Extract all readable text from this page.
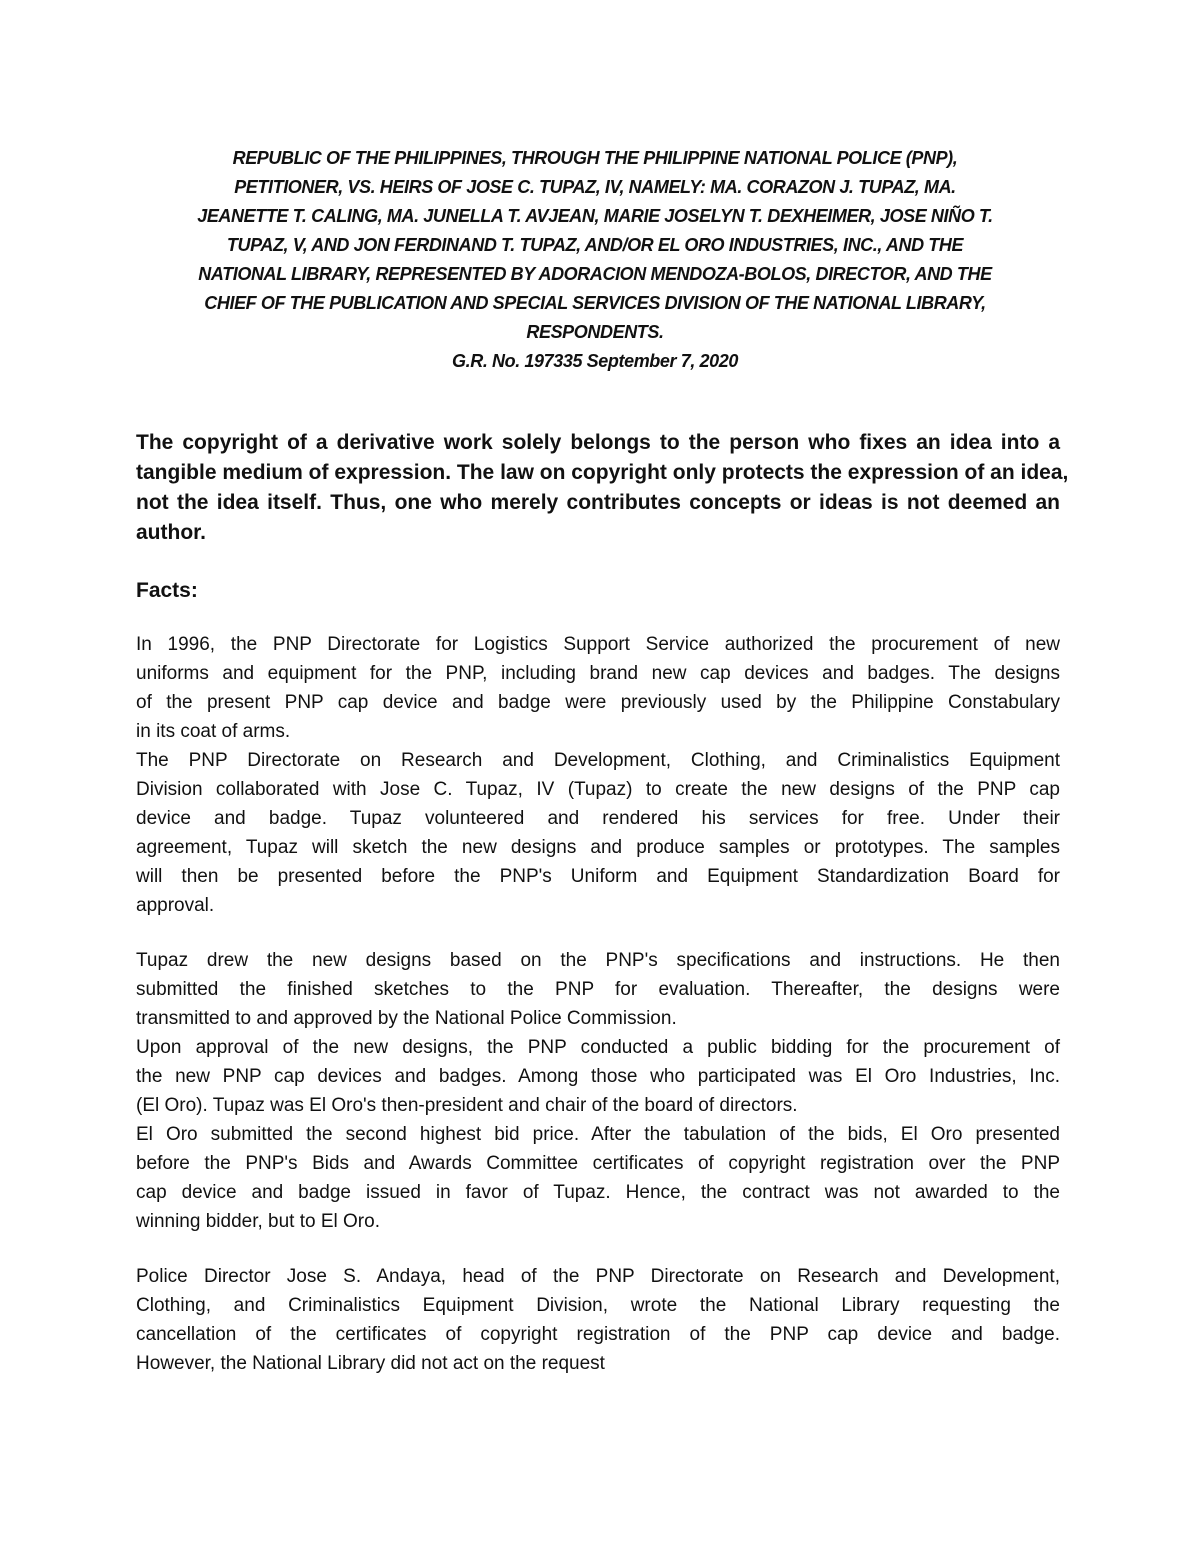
REPUBLIC OF THE PHILIPPINES, THROUGH THE PHILIPPINE NATIONAL POLICE (PNP),
PETITIONER, VS. HEIRS OF JOSE C. TUPAZ, IV, NAMELY: MA. CORAZON J. TUPAZ, MA.
JEANETTE T. CALING, MA. JUNELLA T. AVJEAN, MARIE JOSELYN T. DEXHEIMER, JOSE NIÑO T.
TUPAZ, V, AND JON FERDINAND T. TUPAZ, AND/OR EL ORO INDUSTRIES, INC., AND THE
NATIONAL LIBRARY, REPRESENTED BY ADORACION MENDOZA-BOLOS, DIRECTOR, AND THE
CHIEF OF THE PUBLICATION AND SPECIAL SERVICES DIVISION OF THE NATIONAL LIBRARY,
RESPONDENTS.
G.R. No. 197335 September 7, 2020
The copyright of a derivative work solely belongs to the person who fixes an idea into a
tangible medium of expression. The law on copyright only protects the expression of an idea,
not the idea itself. Thus, one who merely contributes concepts or ideas is not deemed an
author.
Facts:
In 1996, the PNP Directorate for Logistics Support Service authorized the procurement of new
uniforms and equipment for the PNP, including brand new cap devices and badges. The designs
of the present PNP cap device and badge were previously used by the Philippine Constabulary
in its coat of arms.
The PNP Directorate on Research and Development, Clothing, and Criminalistics Equipment
Division collaborated with Jose C. Tupaz, IV (Tupaz) to create the new designs of the PNP cap
device and badge. Tupaz volunteered and rendered his services for free. Under their
agreement, Tupaz will sketch the new designs and produce samples or prototypes. The samples
will then be presented before the PNP's Uniform and Equipment Standardization Board for
approval.
Tupaz drew the new designs based on the PNP's specifications and instructions. He then
submitted the finished sketches to the PNP for evaluation. Thereafter, the designs were
transmitted to and approved by the National Police Commission.
Upon approval of the new designs, the PNP conducted a public bidding for the procurement of
the new PNP cap devices and badges. Among those who participated was El Oro Industries, Inc.
(El Oro). Tupaz was El Oro's then-president and chair of the board of directors.
El Oro submitted the second highest bid price. After the tabulation of the bids, El Oro presented
before the PNP's Bids and Awards Committee certificates of copyright registration over the PNP
cap device and badge issued in favor of Tupaz. Hence, the contract was not awarded to the
winning bidder, but to El Oro.
Police Director Jose S. Andaya, head of the PNP Directorate on Research and Development,
Clothing, and Criminalistics Equipment Division, wrote the National Library requesting the
cancellation of the certificates of copyright registration of the PNP cap device and badge.
However, the National Library did not act on the request
